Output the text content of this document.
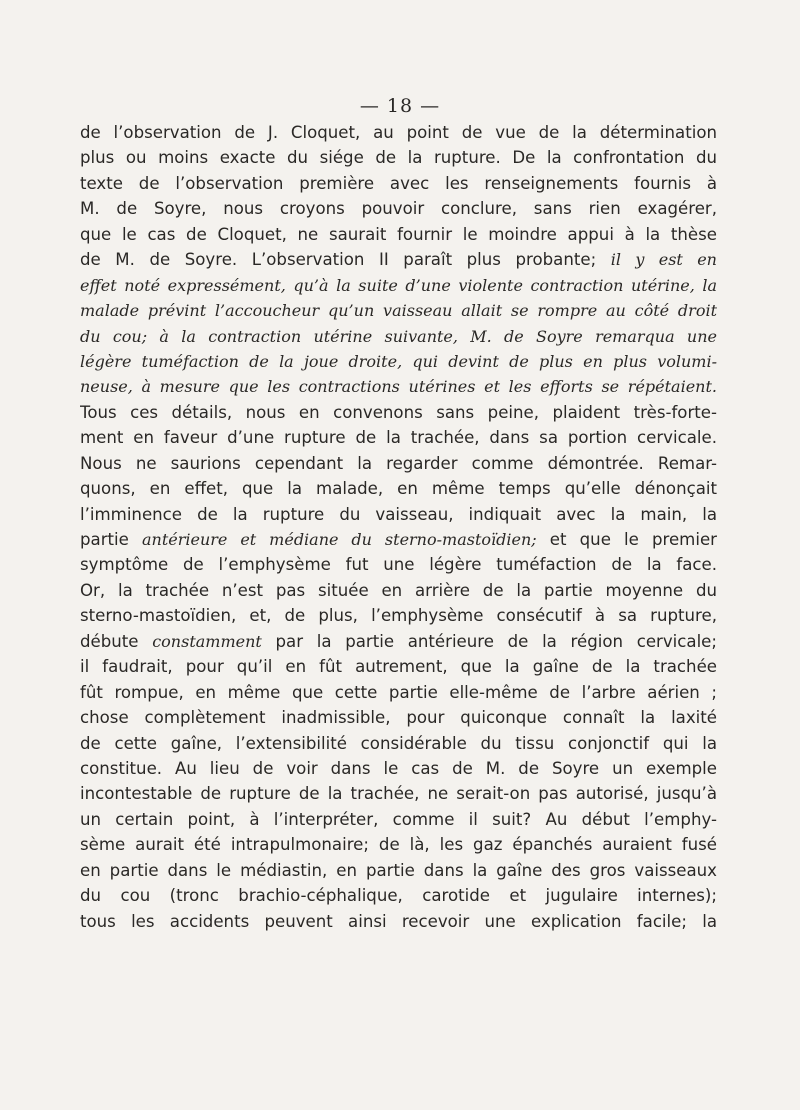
— 18 —
de l’observation de J. Cloquet, au point de vue de la détermination
plus ou moins exacte du siége de la rupture. De la confrontation du
texte de l’observation première avec les renseignements fournis à
M. de Soyre, nous croyons pouvoir conclure, sans rien exagérer,
que le cas de Cloquet, ne saurait fournir le moindre appui à la thèse
de M. de Soyre. L’observation II paraît plus probante; il y est en
effet noté expressément, qu’à la suite d’une violente contraction utérine, la
malade prévint l’accoucheur qu’un vaisseau allait se rompre au côté droit
du cou; à la contraction utérine suivante, M. de Soyre remarqua une
légère tuméfaction de la joue droite, qui devint de plus en plus volumi-
neuse, à mesure que les contractions utérines et les efforts se répétaient.
Tous ces détails, nous en convenons sans peine, plaident très-forte-
ment en faveur d’une rupture de la trachée, dans sa portion cervicale.
Nous ne saurions cependant la regarder comme démontrée. Remar-
quons, en effet, que la malade, en même temps qu’elle dénonçait
l’imminence de la rupture du vaisseau, indiquait avec la main, la
partie antérieure et médiane du sterno-mastoïdien; et que le premier
symptôme de l’emphysème fut une légère tuméfaction de la face.
Or, la trachée n’est pas située en arrière de la partie moyenne du
sterno-mastoïdien, et, de plus, l’emphysème consécutif à sa rupture,
débute constamment par la partie antérieure de la région cervicale;
il faudrait, pour qu’il en fût autrement, que la gaîne de la trachée
fût rompue, en même que cette partie elle-même de l’arbre aérien ;
chose complètement inadmissible, pour quiconque connaît la laxité
de cette gaîne, l’extensibilité considérable du tissu conjonctif qui la
constitue. Au lieu de voir dans le cas de M. de Soyre un exemple
incontestable de rupture de la trachée, ne serait-on pas autorisé, jusqu’à
un certain point, à l’interpréter, comme il suit? Au début l’emphy-
sème aurait été intrapulmonaire; de là, les gaz épanchés auraient fusé
en partie dans le médiastin, en partie dans la gaîne des gros vaisseaux
du cou (tronc brachio-céphalique, carotide et jugulaire internes);
tous les accidents peuvent ainsi recevoir une explication facile; la
